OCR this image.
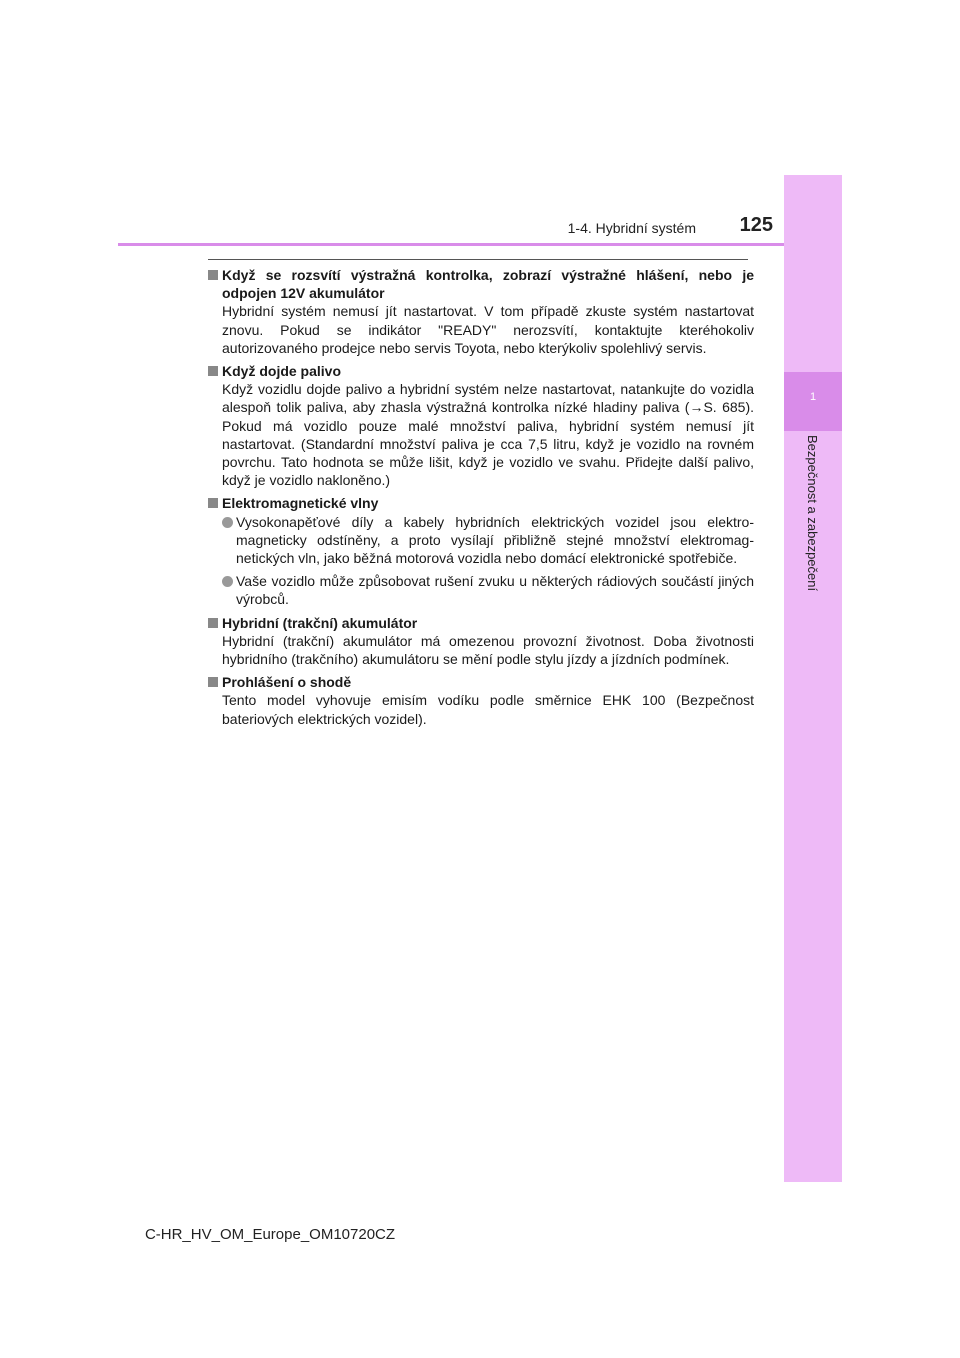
1
Bezpečnost a zabezpečení
1-4. Hybridní systém 125
Když se rozsvítí výstražná kontrolka, zobrazí výstražné hlášení, nebo je odpojen 12V akumulátor
Hybridní systém nemusí jít nastartovat. V tom případě zkuste systém nastartovat znovu. Pokud se indikátor "READY" nerozsvítí, kontaktujte kteréhokoliv autorizovaného prodejce nebo servis Toyota, nebo kterýkoliv spolehlivý servis.
Když dojde palivo
Když vozidlu dojde palivo a hybridní systém nelze nastartovat, natankujte do vozidla alespoň tolik paliva, aby zhasla výstražná kontrolka nízké hladiny paliva (→S. 685). Pokud má vozidlo pouze malé množství paliva, hybridní systém nemusí jít nastartovat. (Standardní množství paliva je cca 7,5 litru, když je vozidlo na rovném povrchu. Tato hodnota se může lišit, když je vozidlo ve svahu. Přidejte další palivo, když je vozidlo nakloněno.)
Elektromagnetické vlny
Vysokonapěťové díly a kabely hybridních elektrických vozidel jsou elektromagneticky odstíněny, a proto vysílají přibližně stejné množství elektromagnetických vln, jako běžná motorová vozidla nebo domácí elektronické spotřebiče.
Vaše vozidlo může způsobovat rušení zvuku u některých rádiových součástí jiných výrobců.
Hybridní (trakční) akumulátor
Hybridní (trakční) akumulátor má omezenou provozní životnost. Doba životnosti hybridního (trakčního) akumulátoru se mění podle stylu jízdy a jízdních podmínek.
Prohlášení o shodě
Tento model vyhovuje emisím vodíku podle směrnice EHK 100 (Bezpečnost bateriových elektrických vozidel).
C-HR_HV_OM_Europe_OM10720CZ
